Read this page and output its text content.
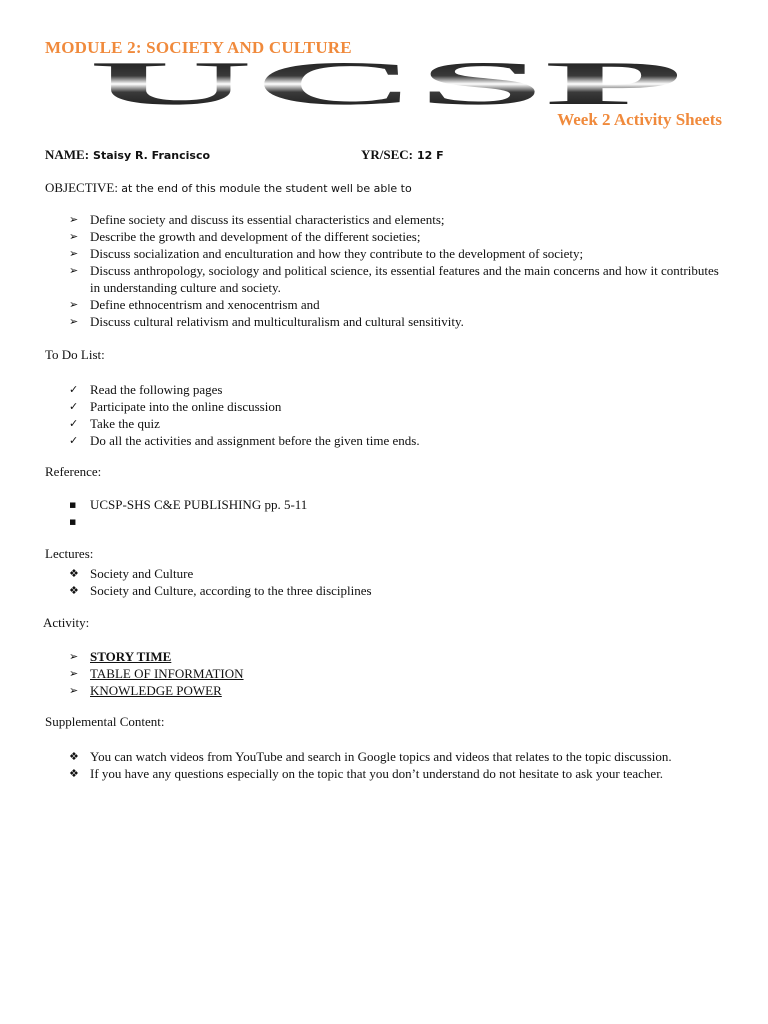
MODULE 2: SOCIETY AND CULTURE
UCSP
Week 2 Activity Sheets
NAME: Staisy R. Francisco	YR/SEC: 12 F
OBJECTIVE: at the end of this module the student well be able to
➢ Define society and discuss its essential characteristics and elements;
➢ Describe the growth and development of the different societies;
➢ Discuss socialization and enculturation and how they contribute to the development of society;
➢ Discuss anthropology, sociology and political science, its essential features and the main concerns and how it contributes in understanding culture and society.
➢ Define ethnocentrism and xenocentrism and
➢ Discuss cultural relativism and multiculturalism and cultural sensitivity.
To Do List:
✓ Read the following pages
✓ Participate into the online discussion
✓ Take the quiz
✓ Do all the activities and assignment before the given time ends.
Reference:
▪	UCSP-SHS C&E PUBLISHING pp. 5-11
▪
Lectures:
❖ Society and Culture
❖ Society and Culture, according to the three disciplines
Activity:
➢ STORY TIME
➢ TABLE OF INFORMATION
➢ KNOWLEDGE POWER
Supplemental Content:
❖ You can watch videos from YouTube and search in Google topics and videos that relates to the topic discussion.
❖ If you have any questions especially on the topic that you don’t understand do not hesitate to ask your teacher.
